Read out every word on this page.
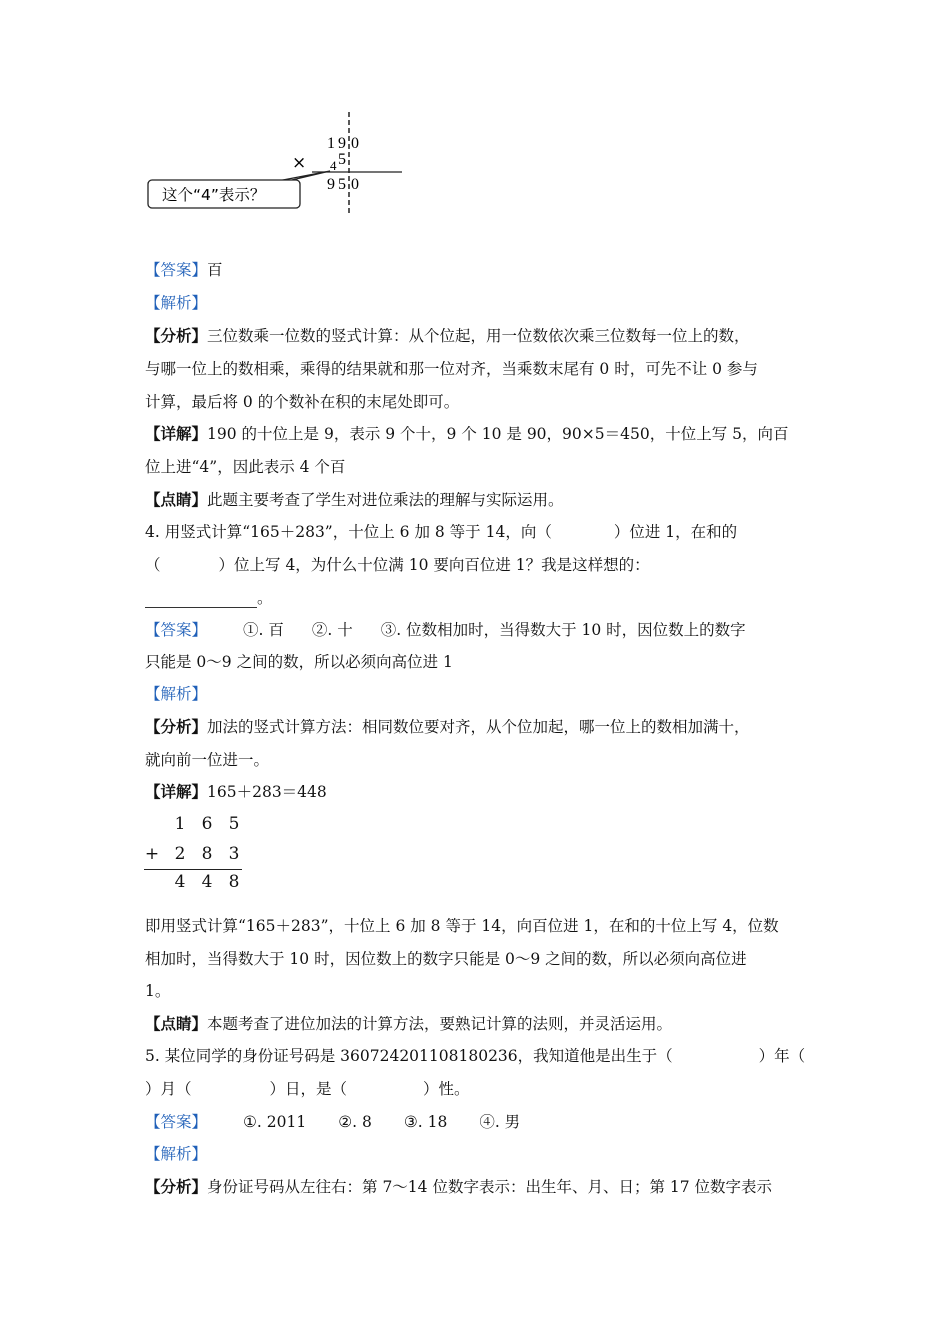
1 9 0
× 4 5
9 5 0
这个“4”表示？
【答案】百
【解析】
【分析】三位数乘一位数的竖式计算：从个位起，用一位数依次乘三位数每一位上的数，
与哪一位上的数相乘，乘得的结果就和那一位对齐，当乘数末尾有 0 时，可先不让 0 参与
计算，最后将 0 的个数补在积的末尾处即可。
【详解】190 的十位上是 9，表示 9 个十，9 个 10 是 90，90×5＝450，十位上写 5，向百
位上进“4”，因此表示 4 个百
【点睛】此题主要考查了学生对进位乘法的理解与实际运用。
4. 用竖式计算“165＋283”，十位上 6 加 8 等于 14，向（	）位进 1，在和的
（	）位上写 4，为什么十位满 10 要向百位进 1？我是这样想的：
。
【答案】 ①. 百 ②. 十 ③. 位数相加时，当得数大于 10 时，因位数上的数字
只能是 0～9 之间的数，所以必须向高位进 1
【解析】
【分析】加法的竖式计算方法：相同数位要对齐，从个位加起，哪一位上的数相加满十，
就向前一位进一。
【详解】165＋283＝448
1 6 5
+ 2 8 3
4 4 8
即用竖式计算“165＋283”，十位上 6 加 8 等于 14，向百位进 1，在和的十位上写 4，位数
相加时，当得数大于 10 时，因位数上的数字只能是 0～9 之间的数，所以必须向高位进
1。
【点睛】本题考查了进位加法的计算方法，要熟记计算的法则，并灵活运用。
5. 某位同学的身份证号码是 360724201108180236，我知道他是出生于（	）年（
）月（	）日，是（	）性。
【答案】 ①. 2011 ②. 8 ③. 18 ④. 男
【解析】
【分析】身份证号码从左往右：第 7～14 位数字表示：出生年、月、日；第 17 位数字表示
